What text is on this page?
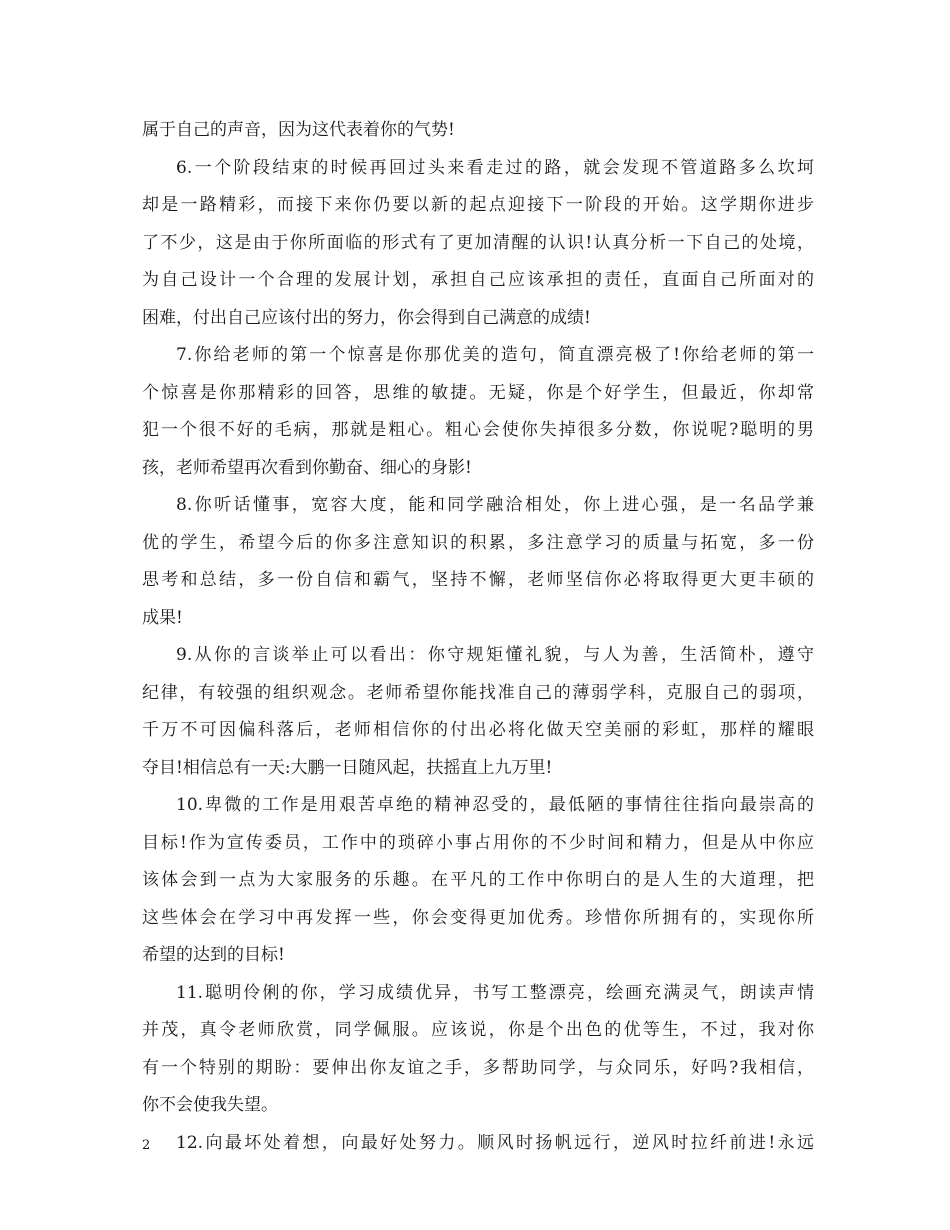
属于自己的声音，因为这代表着你的气势!
6.一个阶段结束的时候再回过头来看走过的路，就会发现不管道路多么坎坷
却是一路精彩，而接下来你仍要以新的起点迎接下一阶段的开始。这学期你进步
了不少，这是由于你所面临的形式有了更加清醒的认识!认真分析一下自己的处境，
为自己设计一个合理的发展计划，承担自己应该承担的责任，直面自己所面对的
困难，付出自己应该付出的努力，你会得到自己满意的成绩!
7.你给老师的第一个惊喜是你那优美的造句，简直漂亮极了!你给老师的第一
个惊喜是你那精彩的回答，思维的敏捷。无疑，你是个好学生，但最近，你却常
犯一个很不好的毛病，那就是粗心。粗心会使你失掉很多分数，你说呢?聪明的男
孩，老师希望再次看到你勤奋、细心的身影!
8.你听话懂事，宽容大度，能和同学融洽相处，你上进心强，是一名品学兼
优的学生，希望今后的你多注意知识的积累，多注意学习的质量与拓宽，多一份
思考和总结，多一份自信和霸气，坚持不懈，老师坚信你必将取得更大更丰硕的
成果!
9.从你的言谈举止可以看出：你守规矩懂礼貌，与人为善，生活简朴，遵守
纪律，有较强的组织观念。老师希望你能找准自己的薄弱学科，克服自己的弱项，
千万不可因偏科落后，老师相信你的付出必将化做天空美丽的彩虹，那样的耀眼
夺目!相信总有一天:大鹏一日随风起，扶摇直上九万里!
10.卑微的工作是用艰苦卓绝的精神忍受的，最低陋的事情往往指向最崇高的
目标!作为宣传委员，工作中的琐碎小事占用你的不少时间和精力，但是从中你应
该体会到一点为大家服务的乐趣。在平凡的工作中你明白的是人生的大道理，把
这些体会在学习中再发挥一些，你会变得更加优秀。珍惜你所拥有的，实现你所
希望的达到的目标!
11.聪明伶俐的你，学习成绩优异，书写工整漂亮，绘画充满灵气，朗读声情
并茂，真令老师欣赏，同学佩服。应该说，你是个出色的优等生，不过，我对你
有一个特别的期盼：要伸出你友谊之手，多帮助同学，与众同乐，好吗?我相信，
你不会使我失望。
12.向最坏处着想，向最好处努力。顺风时扬帆远行，逆风时拉纤前进!永远
2
